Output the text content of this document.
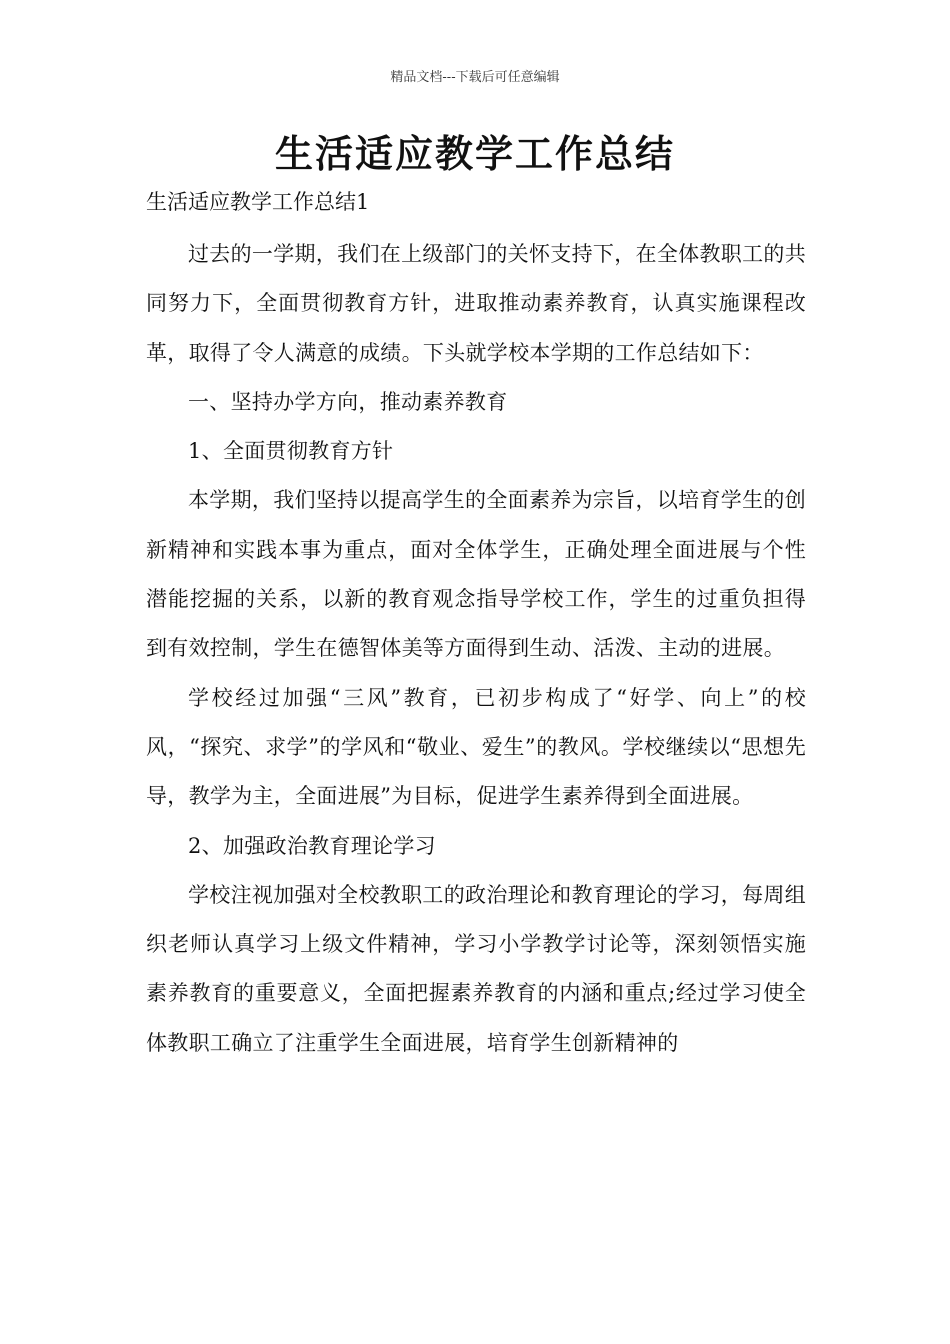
精品文档---下载后可任意编辑
生活适应教学工作总结

生活适应教学工作总结1

过去的一学期，我们在上级部门的关怀支持下，在全体教职工的共同努力下，全面贯彻教育方针，进取推动素养教育，认真实施课程改革，取得了令人满意的成绩。下头就学校本学期的工作总结如下：

一、坚持办学方向，推动素养教育

1、全面贯彻教育方针

本学期，我们坚持以提高学生的全面素养为宗旨，以培育学生的创新精神和实践本事为重点，面对全体学生，正确处理全面进展与个性潜能挖掘的关系，以新的教育观念指导学校工作，学生的过重负担得到有效控制，学生在德智体美等方面得到生动、活泼、主动的进展。

学校经过加强“三风”教育，已初步构成了“好学、向上”的校风，“探究、求学”的学风和“敬业、爱生”的教风。学校继续以“思想先导，教学为主，全面进展”为目标，促进学生素养得到全面进展。

2、加强政治教育理论学习

学校注视加强对全校教职工的政治理论和教育理论的学习，每周组织老师认真学习上级文件精神，学习小学教学讨论等，深刻领悟实施素养教育的重要意义，全面把握素养教育的内涵和重点;经过学习使全体教职工确立了注重学生全面进展，培育学生创新精神的
